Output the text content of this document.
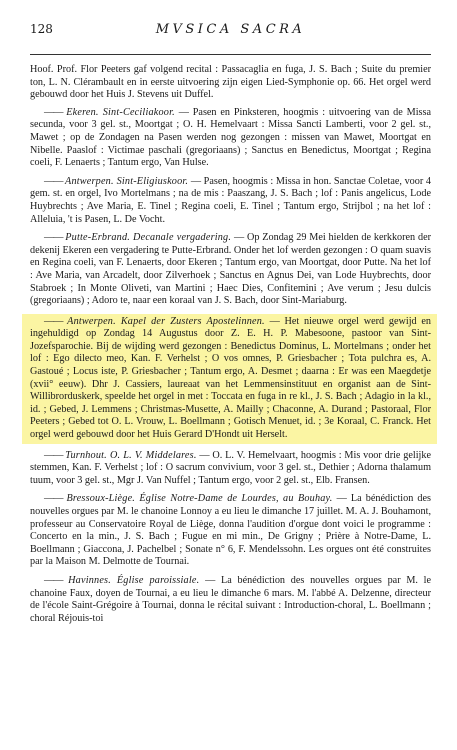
128	MVSICA SACRA

Hoof. Prof. Flor Peeters gaf volgend recital : Passacaglia en fuga, J. S. Bach ; Suite du premier ton, L. N. Clérambault en in eerste uitvoering zijn eigen Lied-Symphonie op. 66. Het orgel werd gebouwd door het Huis J. Stevens uit Duffel.

—— Ekeren. Sint-Ceciliakoor. — Pasen en Pinksteren, hoogmis : uitvoering van de Missa secunda, voor 3 gel. st., Moortgat ; O. H. Hemelvaart : Missa Sancti Lamberti, voor 2 gel. st., Mawet ; op de Zondagen na Pasen werden nog gezongen : missen van Mawet, Moortgat en Nibelle. Paaslof : Victimae paschali (gregoriaans) ; Sanctus en Benedictus, Moortgat ; Regina coeli, F. Lenaerts ; Tantum ergo, Van Hulse.

—— Antwerpen. Sint-Eligiuskoor. — Pasen, hoogmis : Missa in hon. Sanctae Coletae, voor 4 gem. st. en orgel, Ivo Mortelmans ; na de mis : Paaszang, J. S. Bach ; lof : Panis angelicus, Lode Huybrechts ; Ave Maria, E. Tinel ; Regina coeli, E. Tinel ; Tantum ergo, Strijbol ; na het lof : Alleluia, 't is Pasen, L. De Vocht.

—— Putte-Erbrand. Decanale vergadering. — Op Zondag 29 Mei hielden de kerkkoren der dekenij Ekeren een vergadering te Putte-Erbrand. Onder het lof werden gezongen : O quam suavis en Regina coeli, van F. Lenaerts, door Ekeren ; Tantum ergo, van Moortgat, door Putte. Na het lof : Ave Maria, van Arcadelt, door Zilverhoek ; Sanctus en Agnus Dei, van Lode Huybrechts, door Stabroek ; In Monte Oliveti, van Martini ; Haec Dies, Confitemini ; Ave verum ; Jesu dulcis (gregoriaans) ; Adoro te, naar een koraal van J. S. Bach, door Sint-Mariaburg.

—— Antwerpen. Kapel der Zusters Apostelinnen. — Het nieuwe orgel werd gewijd en ingehuldigd op Zondag 14 Augustus door Z. E. H. P. Mabesoone, pastoor van Sint-Jozefsparochie. Bij de wijding werd gezongen : Benedictus Dominus, L. Mortelmans ; onder het lof : Ego dilecto meo, Kan. F. Verhelst ; O vos omnes, P. Griesbacher ; Tota pulchra es, A. Gastoué ; Locus iste, P. Griesbacher ; Tantum ergo, A. Desmet ; daarna : Er was een Maegdetje (xvii° eeuw). Dhr J. Cassiers, laureaat van het Lemmensinstituut en organist aan de Sint-Willibrorduskerk, speelde het orgel in met : Toccata en fuga in re kl., J. S. Bach ; Adagio in la kl., id. ; Gebed, J. Lemmens ; Christmas-Musette, A. Mailly ; Chaconne, A. Durand ; Pastoraal, Flor Peeters ; Gebed tot O. L. Vrouw, L. Boellmann ; Gotisch Menuet, id. ; 3e Koraal, C. Franck. Het orgel werd gebouwd door het Huis Gerard D'Hondt uit Herselt.

—— Turnhout. O. L. V. Middelares. — O. L. V. Hemelvaart, hoogmis : Mis voor drie gelijke stemmen, Kan. F. Verhelst ; lof : O sacrum convivium, voor 3 gel. st., Dethier ; Adorna thalamum tuum, voor 3 gel. st., Mgr J. Van Nuffel ; Tantum ergo, voor 2 gel. st., Elb. Fransen.

—— Bressoux-Liège. Église Notre-Dame de Lourdes, au Bouhay. — La bénédiction des nouvelles orgues par M. le chanoine Lonnoy a eu lieu le dimanche 17 juillet. M. A. J. Bouhamont, professeur au Conservatoire Royal de Liège, donna l'audition d'orgue dont voici le programme : Concerto en la min., J. S. Bach ; Fugue en mi min., De Grigny ; Prière à Notre-Dame, L. Boellmann ; Giaccona, J. Pachelbel ; Sonate n° 6, F. Mendelssohn. Les orgues ont été construites par la Maison M. Delmotte de Tournai.

—— Havinnes. Église paroissiale. — La bénédiction des nouvelles orgues par M. le chanoine Faux, doyen de Tournai, a eu lieu le dimanche 6 mars. M. l'abbé A. Delzenne, directeur de l'école Saint-Grégoire à Tournai, donna le récital suivant : Introduction-choral, L. Boellmann ; choral Réjouis-toi
